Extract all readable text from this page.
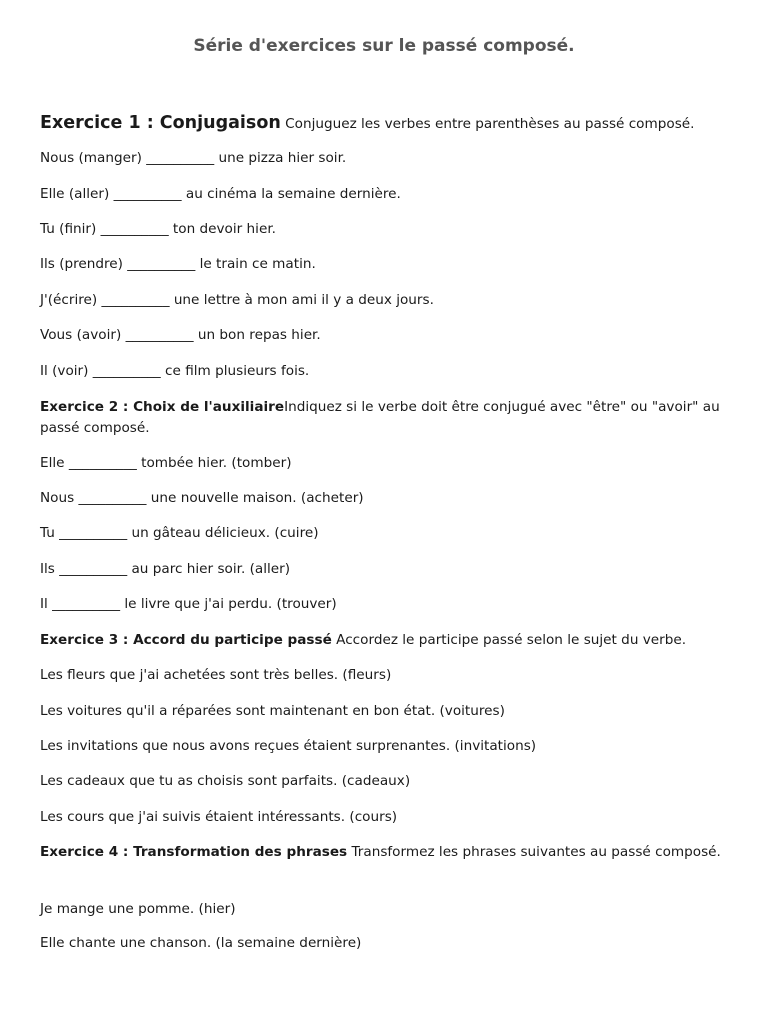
Série d'exercices sur le passé composé.
Exercice 1 : Conjugaison Conjuguez les verbes entre parenthèses au passé composé.
Nous (manger) __________ une pizza hier soir.
Elle (aller) __________ au cinéma la semaine dernière.
Tu (finir) __________ ton devoir hier.
Ils (prendre) __________ le train ce matin.
J'(écrire) __________ une lettre à mon ami il y a deux jours.
Vous (avoir) __________ un bon repas hier.
Il (voir) __________ ce film plusieurs fois.
Exercice 2 : Choix de l'auxiliaireIndiquez si le verbe doit être conjugué avec "être" ou "avoir" au passé composé.
Elle __________ tombée hier. (tomber)
Nous __________ une nouvelle maison. (acheter)
Tu __________ un gâteau délicieux. (cuire)
Ils __________ au parc hier soir. (aller)
Il __________ le livre que j'ai perdu. (trouver)
Exercice 3 : Accord du participe passé Accordez le participe passé selon le sujet du verbe.
Les fleurs que j'ai achetées sont très belles. (fleurs)
Les voitures qu'il a réparées sont maintenant en bon état. (voitures)
Les invitations que nous avons reçues étaient surprenantes. (invitations)
Les cadeaux que tu as choisis sont parfaits. (cadeaux)
Les cours que j'ai suivis étaient intéressants. (cours)
Exercice 4 : Transformation des phrases Transformez les phrases suivantes au passé composé.
Je mange une pomme. (hier)
Elle chante une chanson. (la semaine dernière)
